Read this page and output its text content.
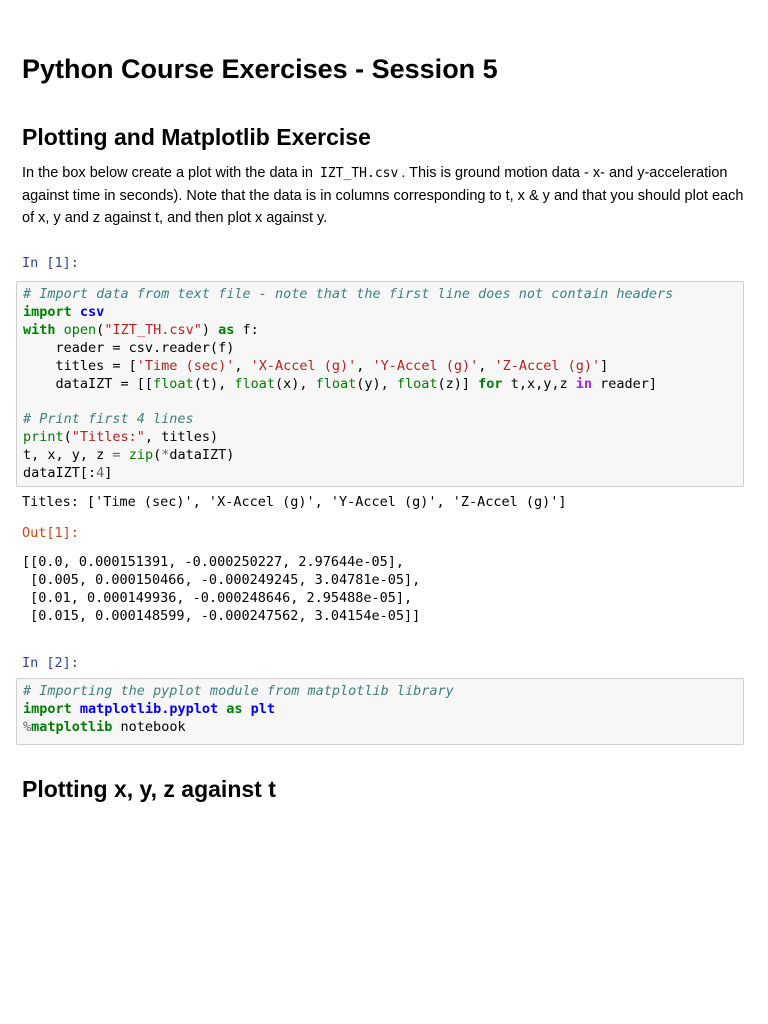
Python Course Exercises - Session 5
Plotting and Matplotlib Exercise

In the box below create a plot with the data in IZT_TH.csv . This is ground motion data - x- and y-acceleration against time in seconds). Note that the data is in columns corresponding to t, x & y and that you should plot each of x, y and z against t, and then plot x against y.

In [1]:
# Import data from text file - note that the first line does not contain headers
import csv
with open("IZT_TH.csv") as f:
reader = csv.reader(f)
titles = ['Time (sec)', 'X-Accel (g)', 'Y-Accel (g)', 'Z-Accel (g)']
dataIZT = [[float(t), float(x), float(y), float(z)] for t,x,y,z in reader]

# Print first 4 lines
print("Titles:", titles)
t, x, y, z = zip(*dataIZT)
dataIZT[:4]
Titles: ['Time (sec)', 'X-Accel (g)', 'Y-Accel (g)', 'Z-Accel (g)']
Out[1]:
[[0.0, 0.000151391, -0.000250227, 2.97644e-05],
[0.005, 0.000150466, -0.000249245, 3.04781e-05],
[0.01, 0.000149936, -0.000248646, 2.95488e-05],
[0.015, 0.000148599, -0.000247562, 3.04154e-05]]
In [2]:
# Importing the pyplot module from matplotlib library
import matplotlib.pyplot as plt
%matplotlib notebook
Plotting x, y, z against t
